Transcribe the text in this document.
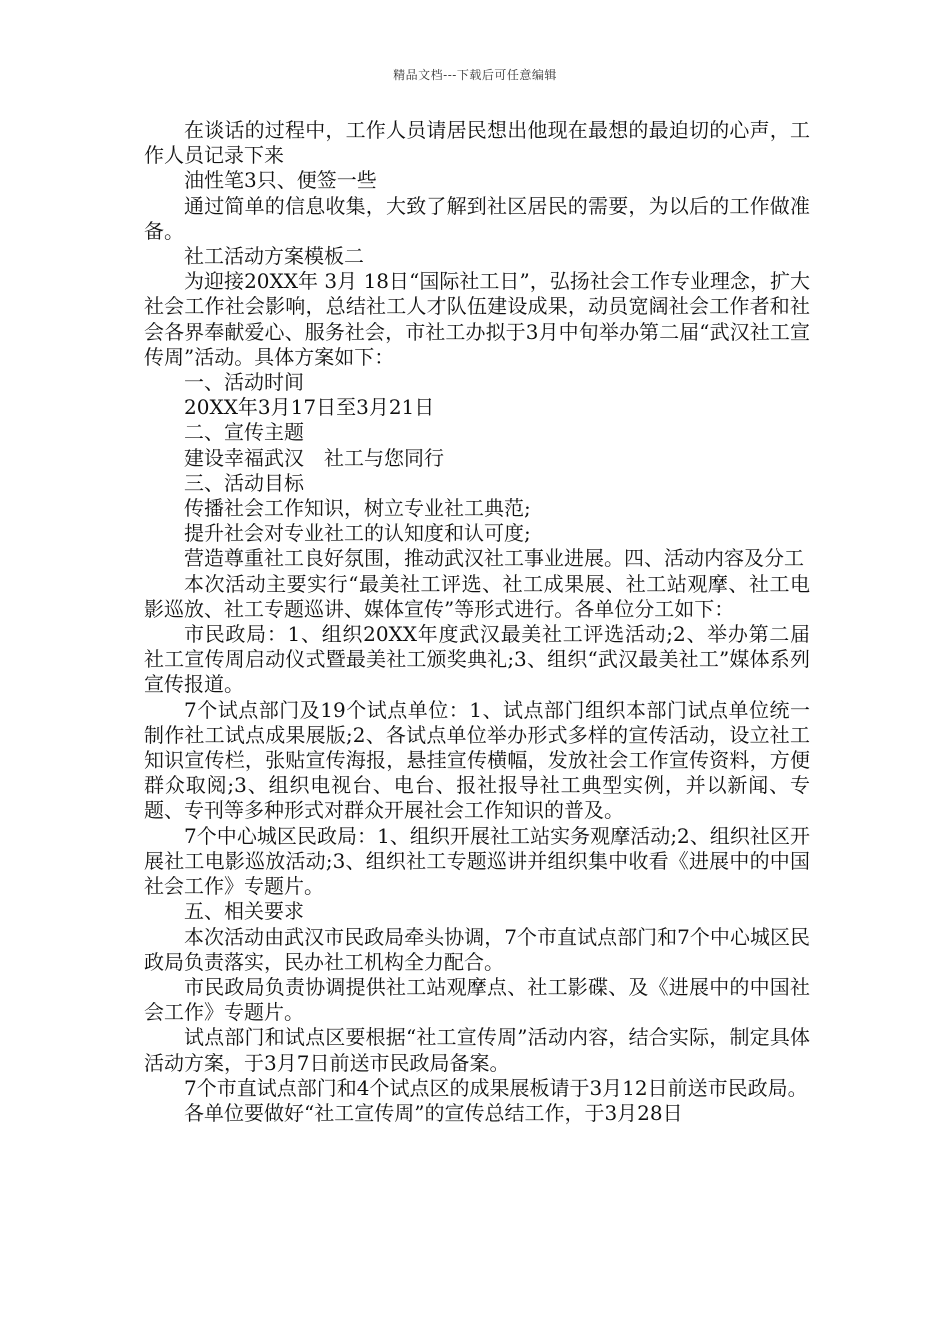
精品文档---下载后可任意编辑

在谈话的过程中，工作人员请居民想出他现在最想的最迫切的心声，工作人员记录下来

油性笔3只、便签一些

通过简单的信息收集，大致了解到社区居民的需要，为以后的工作做准备。

社工活动方案模板二

为迎接20XX年 3月 18日“国际社工日”，弘扬社会工作专业理念，扩大社会工作社会影响，总结社工人才队伍建设成果，动员宽阔社会工作者和社会各界奉献爱心、服务社会，市社工办拟于3月中旬举办第二届“武汉社工宣传周”活动。具体方案如下：

一、活动时间

20XX年3月17日至3月21日

二、宣传主题

建设幸福武汉　社工与您同行

三、活动目标

传播社会工作知识，树立专业社工典范;

提升社会对专业社工的认知度和认可度;

营造尊重社工良好氛围，推动武汉社工事业进展。四、活动内容及分工

本次活动主要实行“最美社工评选、社工成果展、社工站观摩、社工电影巡放、社工专题巡讲、媒体宣传”等形式进行。各单位分工如下：

市民政局：1、组织20XX年度武汉最美社工评选活动;2、举办第二届社工宣传周启动仪式暨最美社工颁奖典礼;3、组织“武汉最美社工”媒体系列宣传报道。

7个试点部门及19个试点单位：1、试点部门组织本部门试点单位统一制作社工试点成果展版;2、各试点单位举办形式多样的宣传活动，设立社工知识宣传栏，张贴宣传海报，悬挂宣传横幅，发放社会工作宣传资料，方便群众取阅;3、组织电视台、电台、报社报导社工典型实例，并以新闻、专题、专刊等多种形式对群众开展社会工作知识的普及。

7个中心城区民政局：1、组织开展社工站实务观摩活动;2、组织社区开展社工电影巡放活动;3、组织社工专题巡讲并组织集中收看《进展中的中国社会工作》专题片。

五、相关要求

本次活动由武汉市民政局牵头协调，7个市直试点部门和7个中心城区民政局负责落实，民办社工机构全力配合。

市民政局负责协调提供社工站观摩点、社工影碟、及《进展中的中国社会工作》专题片。

试点部门和试点区要根据“社工宣传周”活动内容，结合实际，制定具体活动方案，于3月7日前送市民政局备案。

7个市直试点部门和4个试点区的成果展板请于3月12日前送市民政局。

各单位要做好“社工宣传周”的宣传总结工作，于3月28日
